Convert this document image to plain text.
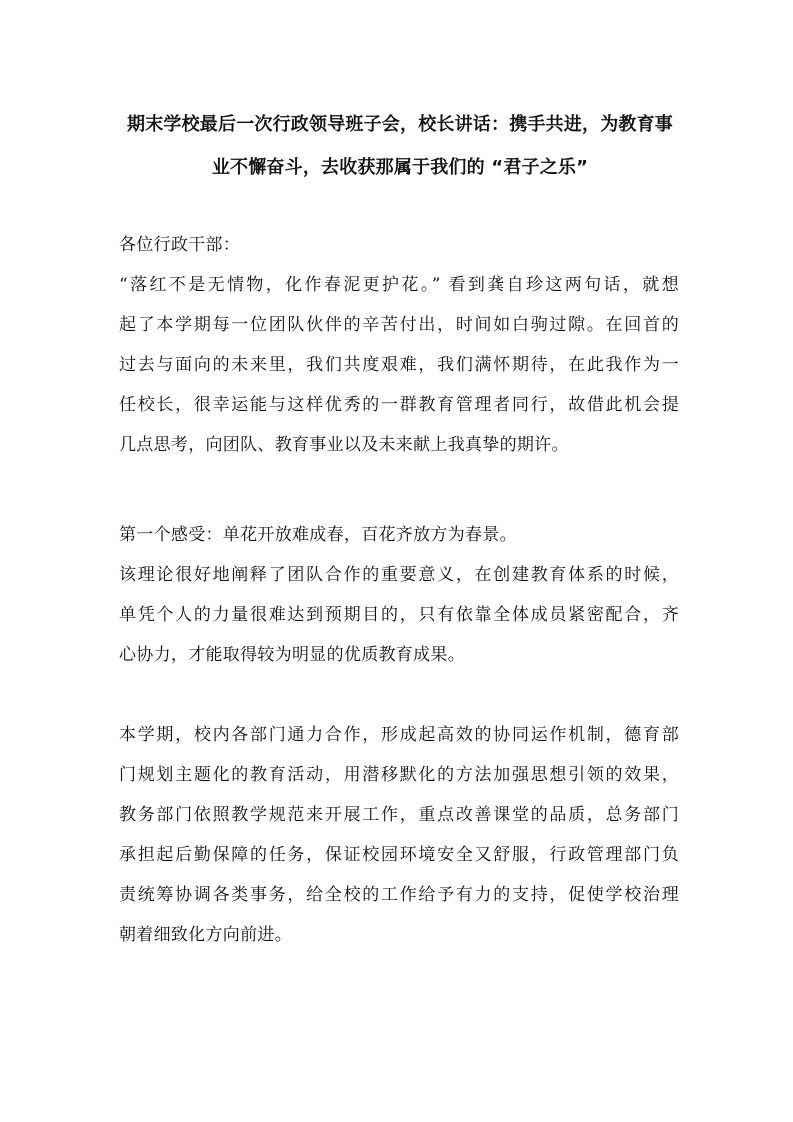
期末学校最后一次行政领导班子会，校长讲话：携手共进，为教育事
业不懈奋斗，去收获那属于我们的 “君子之乐”
各位行政干部：
“落红不是无情物，化作春泥更护花。” 看到龚自珍这两句话，就想
起了本学期每一位团队伙伴的辛苦付出，时间如白驹过隙。在回首的
过去与面向的未来里，我们共度艰难，我们满怀期待，在此我作为一
任校长，很幸运能与这样优秀的一群教育管理者同行，故借此机会提
几点思考，向团队、教育事业以及未来献上我真挚的期许。
第一个感受：单花开放难成春，百花齐放方为春景。
该理论很好地阐释了团队合作的重要意义，在创建教育体系的时候，
单凭个人的力量很难达到预期目的，只有依靠全体成员紧密配合，齐
心协力，才能取得较为明显的优质教育成果。
本学期，校内各部门通力合作，形成起高效的协同运作机制，德育部
门规划主题化的教育活动，用潜移默化的方法加强思想引领的效果，
教务部门依照教学规范来开展工作，重点改善课堂的品质，总务部门
承担起后勤保障的任务，保证校园环境安全又舒服，行政管理部门负
责统筹协调各类事务，给全校的工作给予有力的支持，促使学校治理
朝着细致化方向前进。
